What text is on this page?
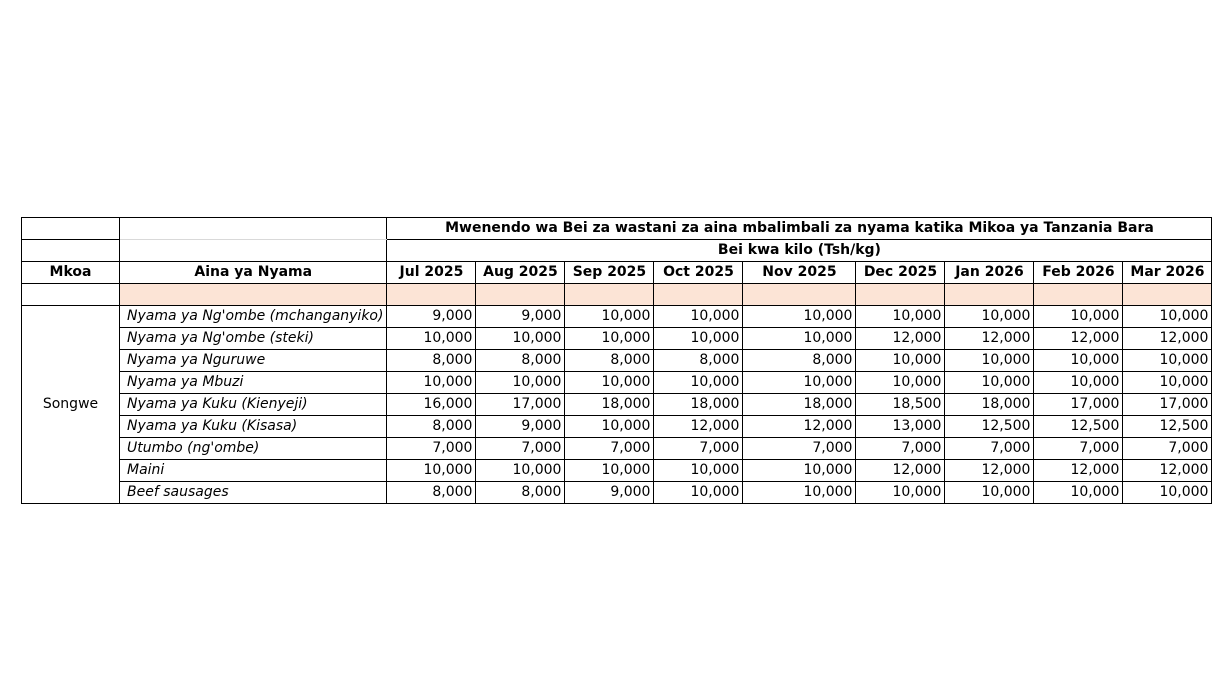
		Mwenendo wa Bei za wastani za aina mbalimbali za nyama katika Mikoa ya Tanzania Bara								
		Bei kwa kilo (Tsh/kg)								
Mkoa	Aina ya Nyama	Jul 2025	Aug 2025	Sep 2025	Oct 2025	Nov 2025	Dec 2025	Jan 2026	Feb 2026	Mar 2026

Songwe	Nyama ya Ng'ombe (mchanganyiko)	9,000	9,000	10,000	10,000	10,000	10,000	10,000	10,000	10,000
	Nyama ya Ng'ombe (steki)	10,000	10,000	10,000	10,000	10,000	12,000	12,000	12,000	12,000
	Nyama ya Nguruwe	8,000	8,000	8,000	8,000	8,000	10,000	10,000	10,000	10,000
	Nyama ya Mbuzi	10,000	10,000	10,000	10,000	10,000	10,000	10,000	10,000	10,000
	Nyama ya Kuku (Kienyeji)	16,000	17,000	18,000	18,000	18,000	18,500	18,000	17,000	17,000
	Nyama ya Kuku (Kisasa)	8,000	9,000	10,000	12,000	12,000	13,000	12,500	12,500	12,500
	Utumbo (ng'ombe)	7,000	7,000	7,000	7,000	7,000	7,000	7,000	7,000	7,000
	Maini	10,000	10,000	10,000	10,000	10,000	12,000	12,000	12,000	12,000
	Beef sausages	8,000	8,000	9,000	10,000	10,000	10,000	10,000	10,000	10,000
